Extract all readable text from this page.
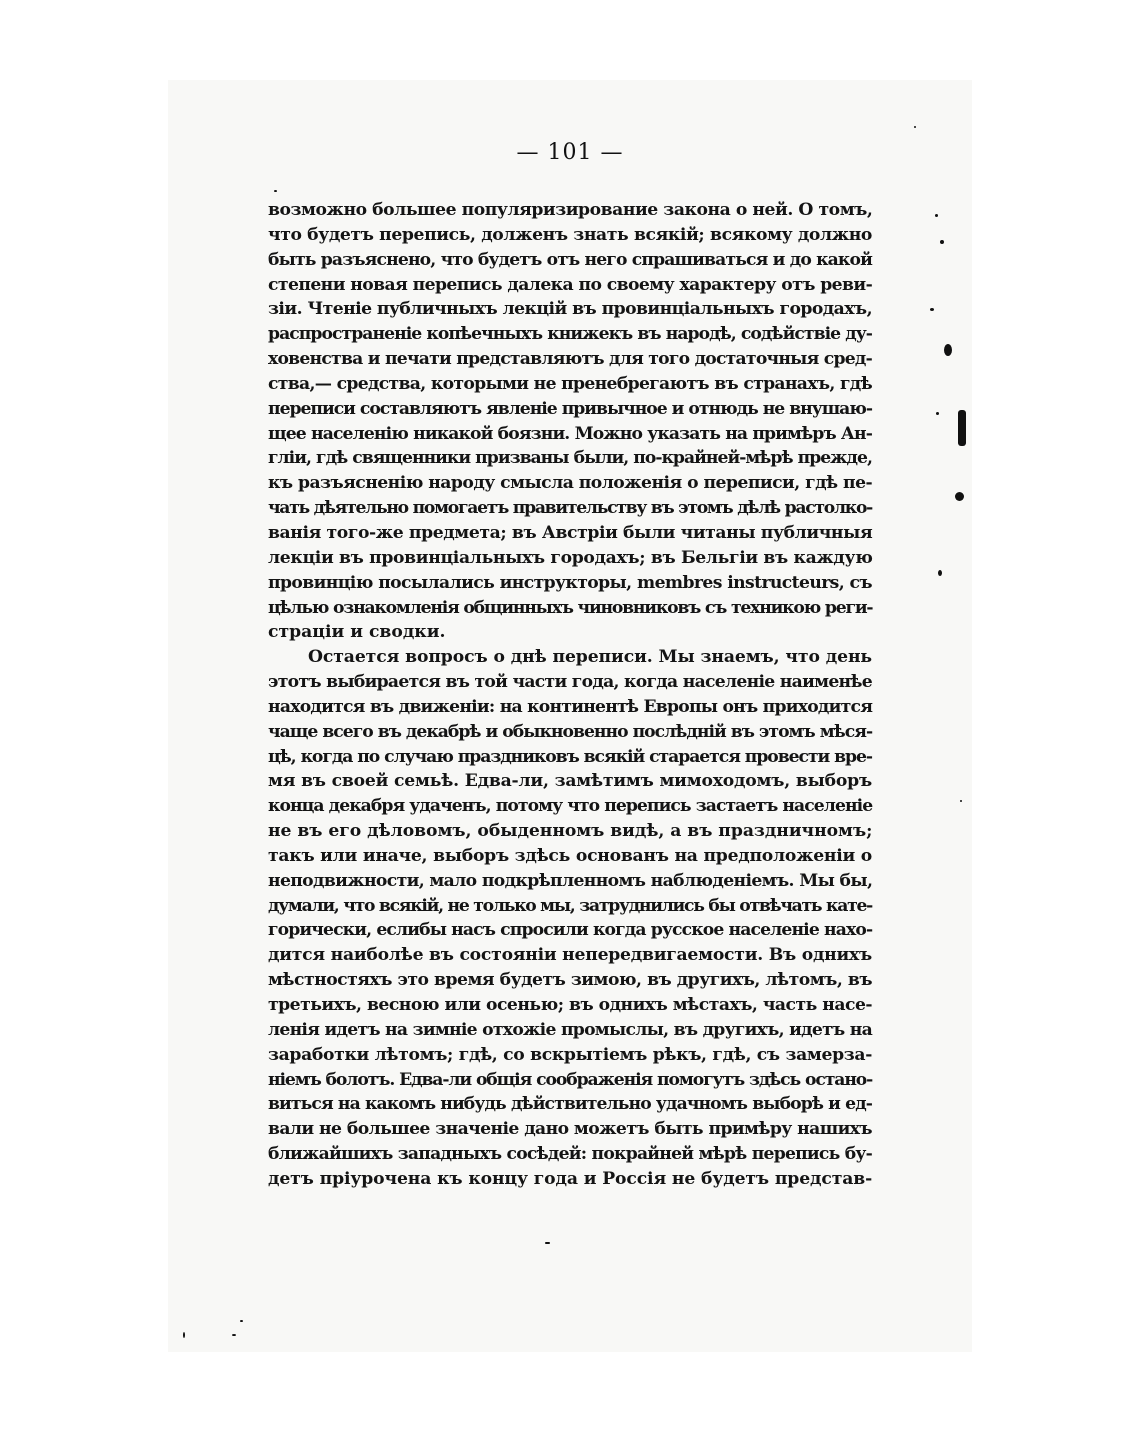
— 101 —
возможно большее популяризирование закона о ней. О томъ,
что будетъ перепись, долженъ знать всякій; всякому должно
быть разъяснено, что будетъ отъ него спрашиваться и до какой
степени новая перепись далека по своему характеру отъ реви-
зіи. Чтеніе публичныхъ лекцій въ провинціальныхъ городахъ,
распространеніе копѣечныхъ книжекъ въ народѣ, содѣйствіе ду-
ховенства и печати представляютъ для того достаточныя сред-
ства,— средства, которыми не пренебрегаютъ въ странахъ, гдѣ
переписи составляютъ явленіе привычное и отнюдь не внушаю-
щее населенію никакой боязни. Можно указать на примѣръ Ан-
гліи, гдѣ священники призваны были, по-крайней-мѣрѣ прежде,
къ разъясненію народу смысла положенія о переписи, гдѣ пе-
чать дѣятельно помогаетъ правительству въ этомъ дѣлѣ растолко-
ванія того-же предмета; въ Австріи были читаны публичныя
лекціи въ провинціальныхъ городахъ; въ Бельгіи въ каждую
провинцію посылались инструкторы, membres instructeurs, съ
цѣлью ознакомленія общинныхъ чиновниковъ съ техникою реги-
страціи и сводки.
Остается вопросъ о днѣ переписи. Мы знаемъ, что день
этотъ выбирается въ той части года, когда населеніе наименѣе
находится въ движеніи: на континентѣ Европы онъ приходится
чаще всего въ декабрѣ и обыкновенно послѣдній въ этомъ мѣся-
цѣ, когда по случаю праздниковъ всякій старается провести вре-
мя въ своей семьѣ. Едва-ли, замѣтимъ мимоходомъ, выборъ
конца декабря удаченъ, потому что перепись застаетъ населеніе
не въ его дѣловомъ, обыденномъ видѣ, а въ праздничномъ;
такъ или иначе, выборъ здѣсь основанъ на предположеніи о
неподвижности, мало подкрѣпленномъ наблюденіемъ. Мы бы,
думали, что всякій, не только мы, затруднились бы отвѣчать кате-
горически, еслибы насъ спросили когда русское населеніе нахо-
дится наиболѣе въ состояніи непередвигаемости. Въ однихъ
мѣстностяхъ это время будетъ зимою, въ другихъ, лѣтомъ, въ
третьихъ, весною или осенью; въ однихъ мѣстахъ, часть насе-
ленія идетъ на зимніе отхожіе промыслы, въ другихъ, идетъ на
заработки лѣтомъ; гдѣ, со вскрытіемъ рѣкъ, гдѣ, съ замерза-
ніемъ болотъ. Едва-ли общія соображенія помогутъ здѣсь остано-
виться на какомъ нибудь дѣйствительно удачномъ выборѣ и ед-
вали не большее значеніе дано можетъ быть примѣру нашихъ
ближайшихъ западныхъ сосѣдей: покрайней мѣрѣ перепись бу-
детъ пріурочена къ концу года и Россія не будетъ представ-
